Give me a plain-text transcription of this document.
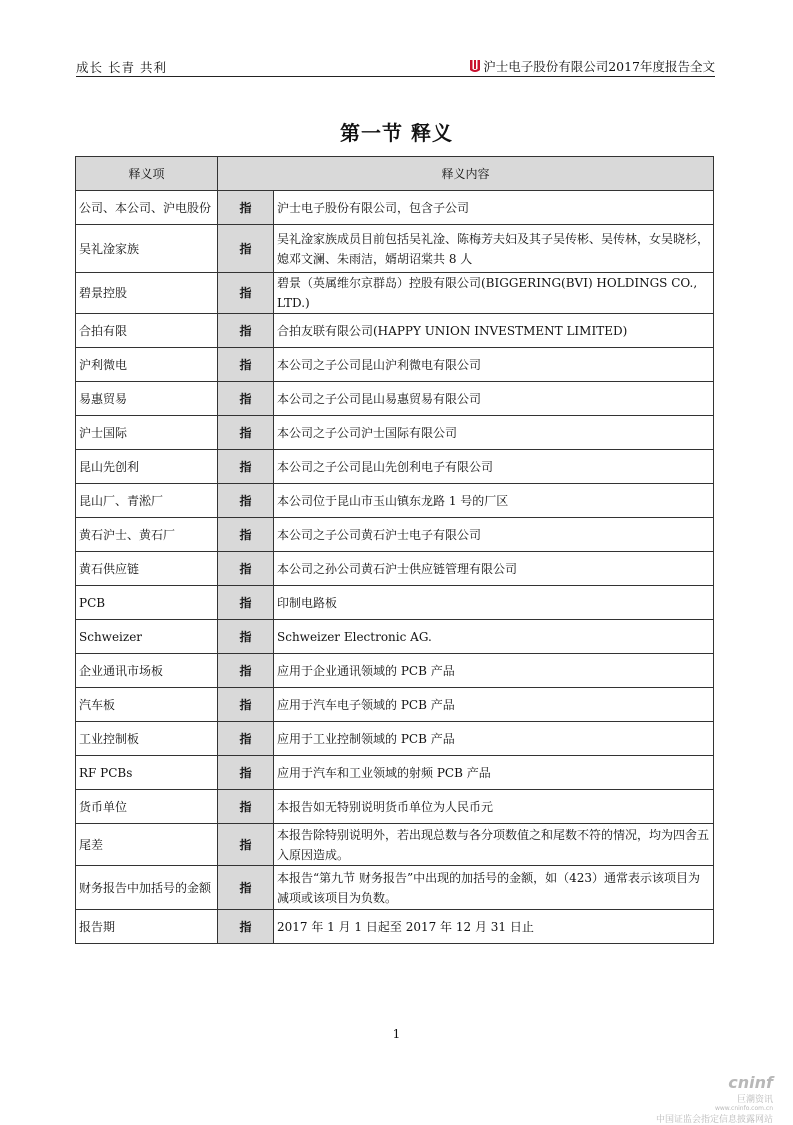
成长 长青 共利	沪士电子股份有限公司2017年度报告全文
第一节 释义
释义项	释义内容	
公司、本公司、沪电股份	指	沪士电子股份有限公司，包含子公司
吴礼淦家族	指	吴礼淦家族成员目前包括吴礼淦、陈梅芳夫妇及其子吴传彬、吴传林，女吴晓杉，媳邓文澜、朱雨洁，婿胡诏棠共 8 人
碧景控股	指	碧景（英属维尔京群岛）控股有限公司(BIGGERING(BVI) HOLDINGS CO., LTD.)
合拍有限	指	合拍友联有限公司(HAPPY UNION INVESTMENT LIMITED)
沪利微电	指	本公司之子公司昆山沪利微电有限公司
易惠贸易	指	本公司之子公司昆山易惠贸易有限公司
沪士国际	指	本公司之子公司沪士国际有限公司
昆山先创利	指	本公司之子公司昆山先创利电子有限公司
昆山厂、青淞厂	指	本公司位于昆山市玉山镇东龙路 1 号的厂区
黄石沪士、黄石厂	指	本公司之子公司黄石沪士电子有限公司
黄石供应链	指	本公司之孙公司黄石沪士供应链管理有限公司
PCB	指	印制电路板
Schweizer	指	Schweizer Electronic AG.
企业通讯市场板	指	应用于企业通讯领域的 PCB 产品
汽车板	指	应用于汽车电子领域的 PCB 产品
工业控制板	指	应用于工业控制领域的 PCB 产品
RF PCBs	指	应用于汽车和工业领域的射频 PCB 产品
货币单位	指	本报告如无特别说明货币单位为人民币元
尾差	指	本报告除特别说明外，若出现总数与各分项数值之和尾数不符的情况，均为四舍五入原因造成。
财务报告中加括号的金额	指	本报告“第九节 财务报告”中出现的加括号的金额，如（423）通常表示该项目为减项或该项目为负数。
报告期	指	2017 年 1 月 1 日起至 2017 年 12 月 31 日止
1
cninf
巨潮资讯
www.cninfo.com.cn
中国证监会指定信息披露网站
